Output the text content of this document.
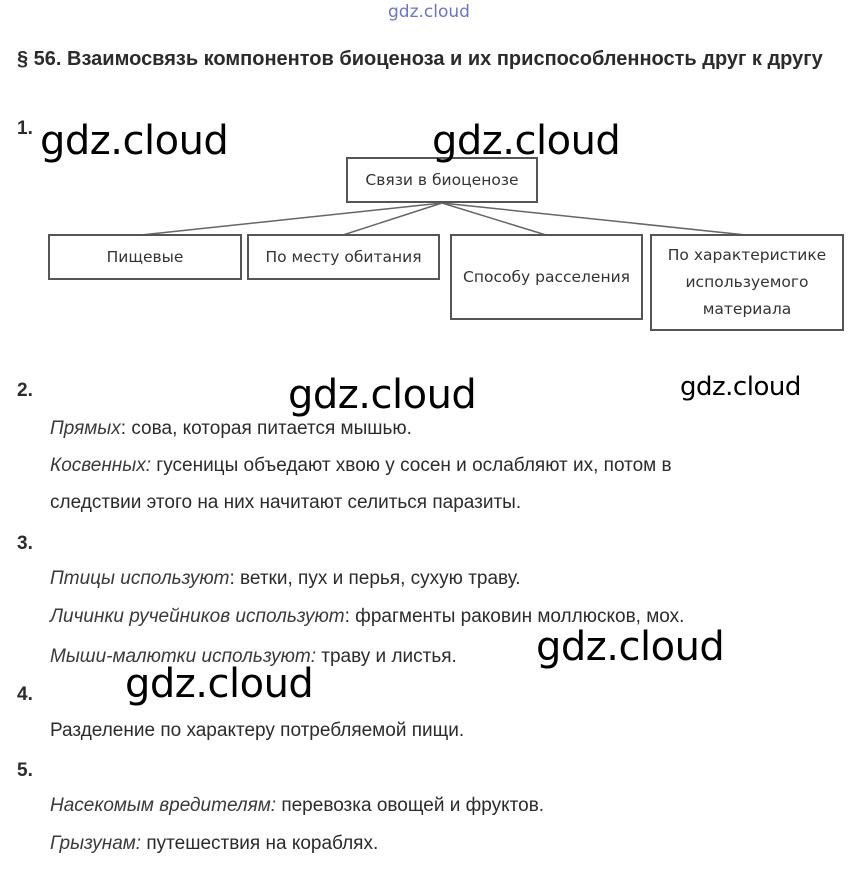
gdz.cloud
§ 56. Взаимосвязь компонентов биоценоза и их приспособленность друг к другу
1.
Связи в биоценозе
Пищевые	По месту обитания
Способу расселения
По характеристике используемого материала
2.
Прямых: сова, которая питается мышью.
Косвенных: гусеницы объедают хвою у сосен и ослабляют их, потом в
следствии этого на них начитают селиться паразиты.
3.
Птицы используют: ветки, пух и перья, сухую траву.
Личинки ручейников используют: фрагменты раковин моллюсков, мох.
Мыши-малютки используют: траву и листья.
4.
Разделение по характеру потребляемой пищи.
5.
Насекомым вредителям: перевозка овощей и фруктов.
Грызунам: путешествия на кораблях.
gdz.cloud	gdz.cloud
gdz.cloud	gdz.cloud
gdz.cloud
gdz.cloud
